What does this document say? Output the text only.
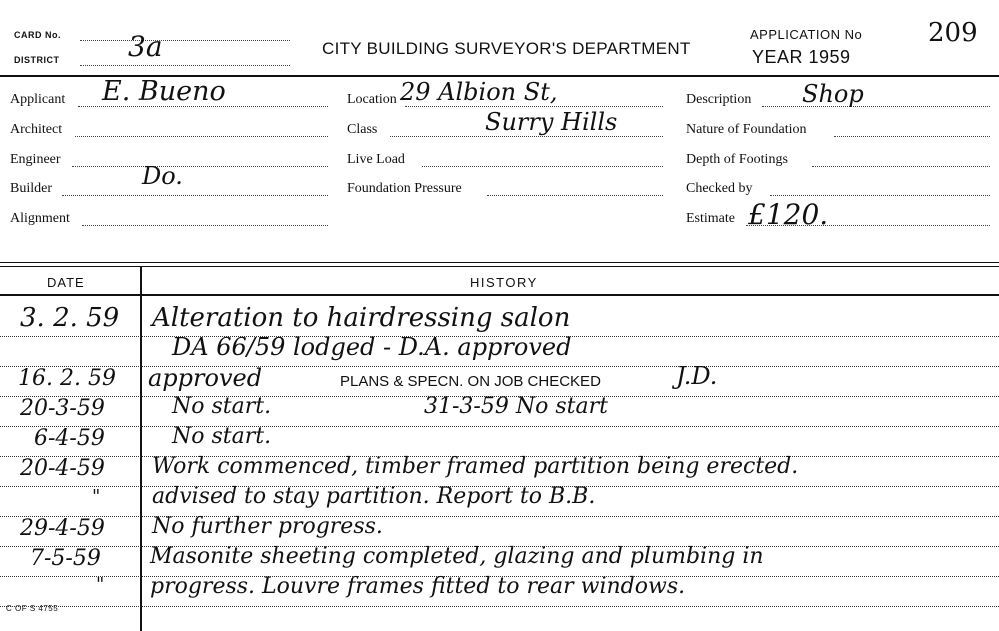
CARD No.
DISTRICT 3a	CITY BUILDING SURVEYOR'S DEPARTMENT
APPLICATION No
YEAR 1959
209
Applicant E. Bueno
Architect
Engineer
Builder	Do.
Alignment
Location 29 Albion St,
Class	Surry Hills
Live Load
Foundation Pressure
Description Shop
Nature of Foundation
Depth of Footings
Checked by
Estimate £120.
DATE	HISTORY
3. 2. 59 Alteration to hairdressing salon
DA 66/59 lodged - D.A. approved
16. 2. 59 approved	PLANS & SPECN. ON JOB CHECKED	J.D.
20-3-59	No start.	31-3-59 No start
6-4-59	No start.
20-4-59 Work commenced, timber framed partition being erected.
" advised to stay partition. Report to B.B.
29-4-59 No further progress.
7-5-59 Masonite sheeting completed, glazing and plumbing in
" progress. Louvre frames fitted to rear windows.
C OF S 4755
